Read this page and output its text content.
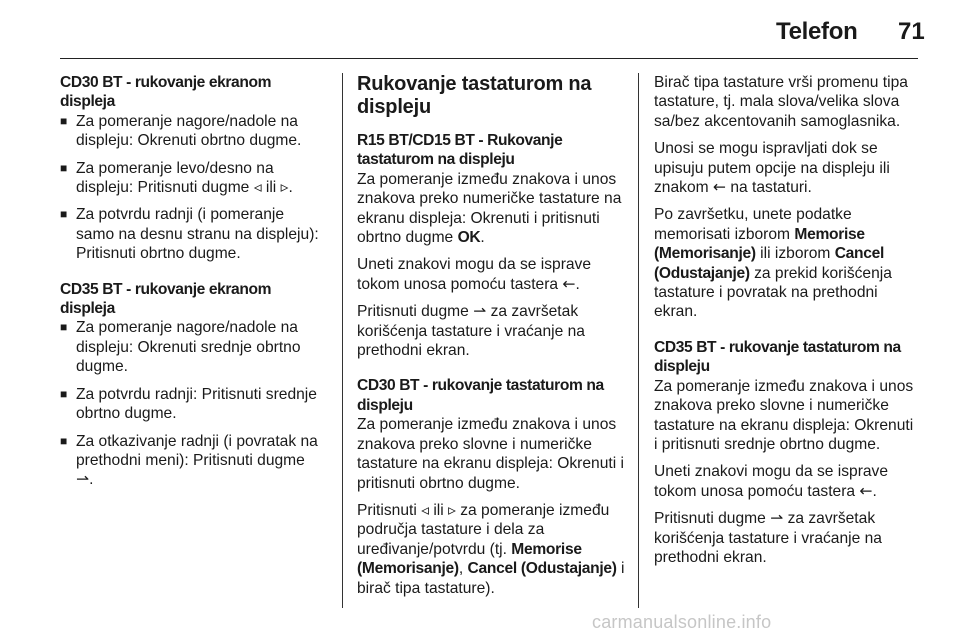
Telefon 71
CD30 BT - rukovanje ekranom displeja
■ Za pomeranje nagore/nadole na displeju: Okrenuti obrtno dugme.
■ Za pomeranje levo/desno na displeju: Pritisnuti dugme ◃ ili ▹.
■ Za potvrdu radnji (i pomeranje samo na desnu stranu na displeju): Pritisnuti obrtno dugme.
CD35 BT - rukovanje ekranom displeja
■ Za pomeranje nagore/nadole na displeju: Okrenuti srednje obrtno dugme.
■ Za potvrdu radnji: Pritisnuti srednje obrtno dugme.
■ Za otkazivanje radnji (i povratak na prethodni meni): Pritisnuti dugme ⇀.
Rukovanje tastaturom na displeju
R15 BT/CD15 BT - Rukovanje tastaturom na displeju
Za pomeranje između znakova i unos znakova preko numeričke tastature na ekranu displeja: Okrenuti i pritisnuti obrtno dugme OK.
Uneti znakovi mogu da se isprave tokom unosa pomoću tastera ←.
Pritisnuti dugme ⇀ za završetak korišćenja tastature i vraćanje na prethodni ekran.
CD30 BT - rukovanje tastaturom na displeju
Za pomeranje između znakova i unos znakova preko slovne i numeričke tastature na ekranu displeja: Okrenuti i pritisnuti obrtno dugme.
Pritisnuti ◃ ili ▹ za pomeranje između područja tastature i dela za uređivanje/potvrdu (tj. Memorise (Memorisanje), Cancel (Odustajanje) i birač tipa tastature).
Birač tipa tastature vrši promenu tipa tastature, tj. mala slova/velika slova sa/bez akcentovanih samoglasnika.
Unosi se mogu ispravljati dok se upisuju putem opcije na displeju ili znakom ← na tastaturi.
Po završetku, unete podatke memorisati izborom Memorise (Memorisanje) ili izborom Cancel (Odustajanje) za prekid korišćenja tastature i povratak na prethodni ekran.
CD35 BT - rukovanje tastaturom na displeju
Za pomeranje između znakova i unos znakova preko slovne i numeričke tastature na ekranu displeja: Okrenuti i pritisnuti srednje obrtno dugme.
Uneti znakovi mogu da se isprave tokom unosa pomoću tastera ←.
Pritisnuti dugme ⇀ za završetak korišćenja tastature i vraćanje na prethodni ekran.
carmanualsonline.info
